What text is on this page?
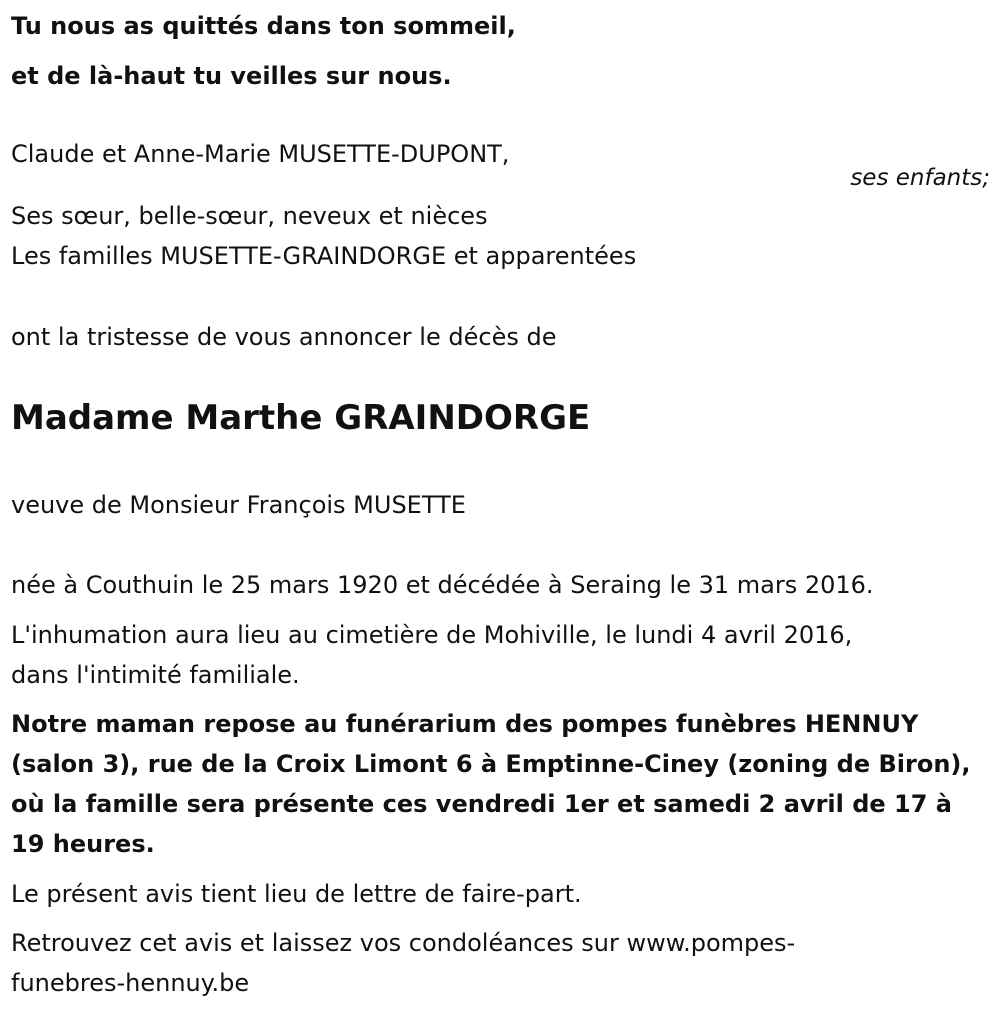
Tu nous as quittés dans ton sommeil,
et de là-haut tu veilles sur nous.
Claude et Anne-Marie MUSETTE-DUPONT,
ses enfants;
Ses sœur, belle-sœur, neveux et nièces
Les familles MUSETTE-GRAINDORGE et apparentées
ont la tristesse de vous annoncer le décès de
Madame Marthe GRAINDORGE
veuve de Monsieur François MUSETTE
née à Couthuin le 25 mars 1920 et décédée à Seraing le 31 mars 2016.
L'inhumation aura lieu au cimetière de Mohiville, le lundi 4 avril 2016,
dans l'intimité familiale.
Notre maman repose au funérarium des pompes funèbres HENNUY
(salon 3), rue de la Croix Limont 6 à Emptinne-Ciney (zoning de Biron),
où la famille sera présente ces vendredi 1er et samedi 2 avril de 17 à
19 heures.
Le présent avis tient lieu de lettre de faire-part.
Retrouvez cet avis et laissez vos condoléances sur www.pompes-
funebres-hennuy.be
